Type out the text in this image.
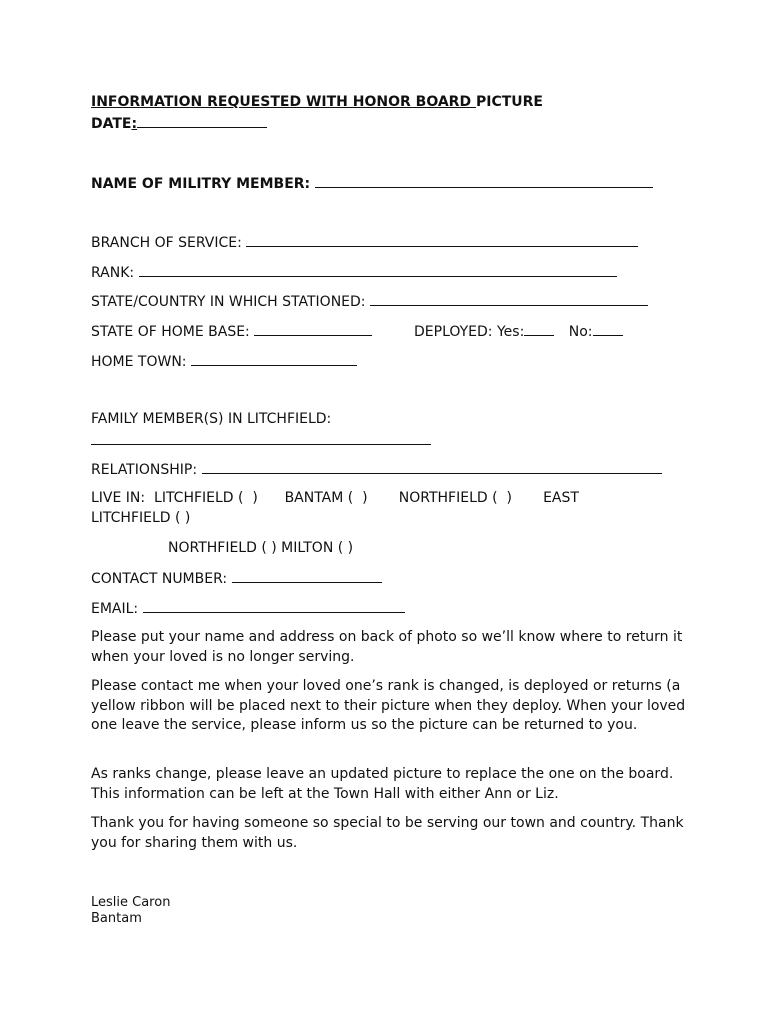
INFORMATION REQUESTED WITH HONOR BOARD PICTURE
DATE:
NAME OF MILITRY MEMBER:
BRANCH OF SERVICE:
RANK:
STATE/COUNTRY IN WHICH STATIONED:
STATE OF HOME BASE:	DEPLOYED: Yes:	No:
HOME TOWN:
FAMILY MEMBER(S) IN LITCHFIELD:
RELATIONSHIP:
LIVE IN:  LITCHFIELD (  )      BANTAM (  )       NORTHFIELD (  )       EAST
LITCHFIELD ( )
NORTHFIELD ( ) MILTON ( )
CONTACT NUMBER:
EMAIL:
Please put your name and address on back of photo so we’ll know where to return it when your loved is no longer serving.
Please contact me when your loved one’s rank is changed, is deployed or returns (a yellow ribbon will be placed next to their picture when they deploy. When your loved one leave the service, please inform us so the picture can be returned to you.
As ranks change, please leave an updated picture to replace the one on the board. This information can be left at the Town Hall with either Ann or Liz.
Thank you for having someone so special to be serving our town and country. Thank you for sharing them with us.
Leslie Caron
Bantam
